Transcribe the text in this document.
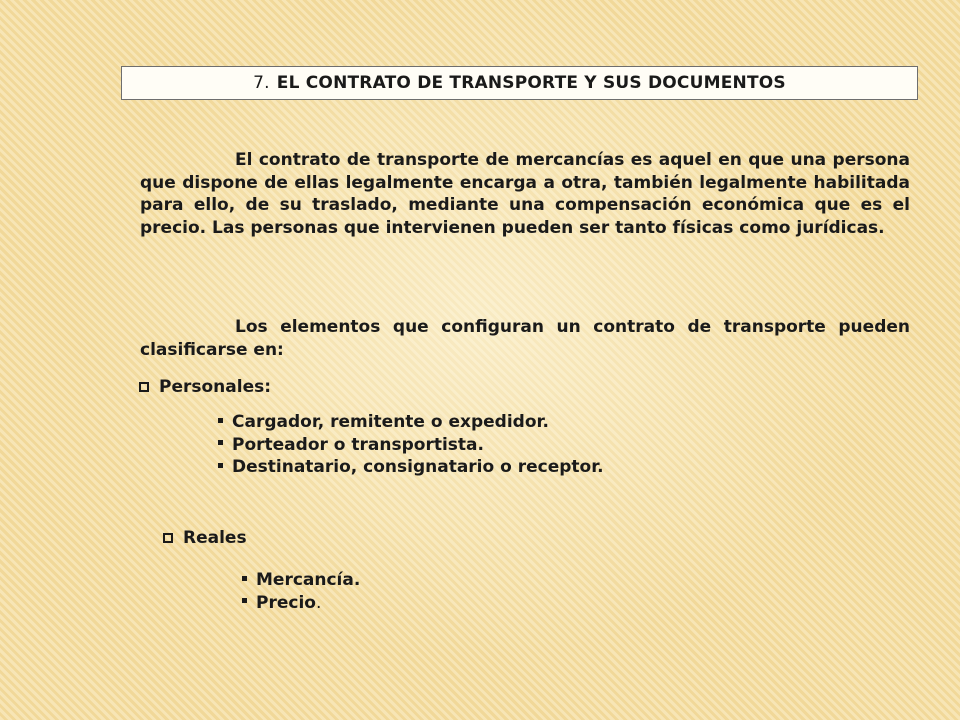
7. EL CONTRATO DE TRANSPORTE Y SUS DOCUMENTOS

El contrato de transporte de mercancías es aquel en que una persona que dispone de ellas legalmente encarga a otra, también legalmente habilitada para ello, de su traslado, mediante una compensación económica que es el precio. Las personas que intervienen pueden ser tanto físicas como jurídicas.

Los elementos que configuran un contrato de transporte pueden clasificarse en:

Personales:
Cargador, remitente o expedidor.
Porteador o transportista.
Destinatario, consignatario o receptor.
Reales
Mercancía.
Precio.
